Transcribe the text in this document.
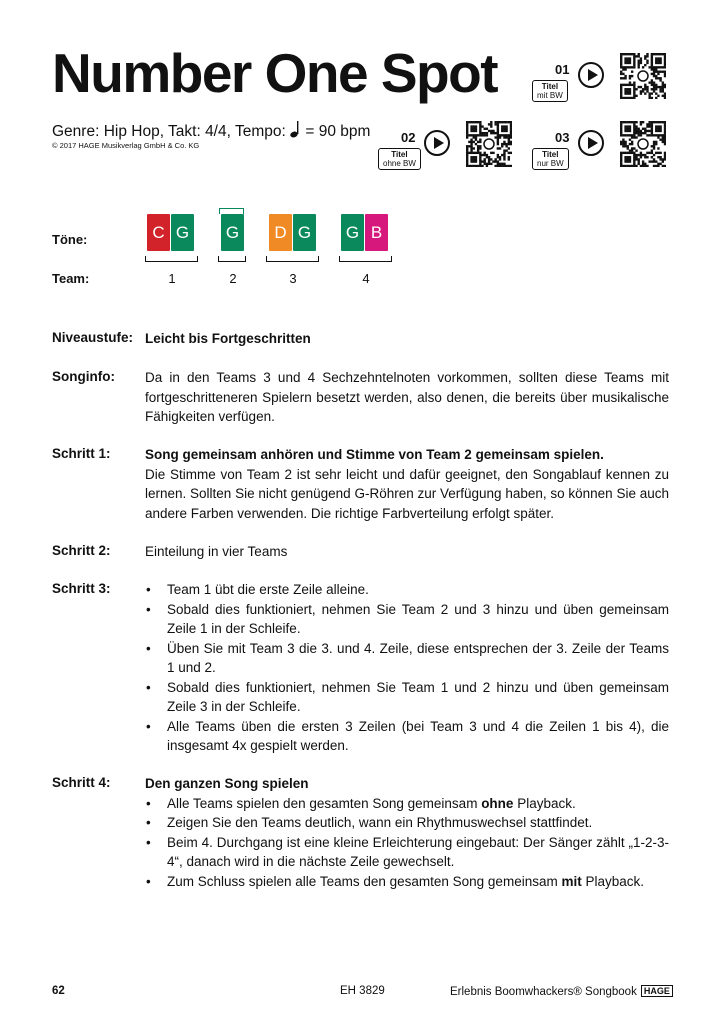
Number One Spot
Genre: Hip Hop, Takt: 4/4, Tempo: = 90 bpm
© 2017 HAGE Musikverlag GmbH & Co. KG
01
Titel
mit BW
02
Titel
ohne BW
03
Titel
nur BW
Töne:
Team:
C G G	D G G B
1	2	3	4
Niveaustufe: Leicht bis Fortgeschritten
Songinfo: Da in den Teams 3 und 4 Sechzehntelnoten vorkommen, sollten diese Teams mit fortgeschritteneren Spielern besetzt werden, also denen, die bereits über musikalische Fähigkeiten verfügen.
Schritt 1:	Song gemeinsam anhören und Stimme von Team 2 gemeinsam spielen.
Die Stimme von Team 2 ist sehr leicht und dafür geeignet, den Songablauf kennen zu lernen. Sollten Sie nicht genügend G-Röhren zur Verfügung haben, so können Sie auch andere Farben verwenden. Die richtige Farbverteilung erfolgt später.
Schritt 2:	Einteilung in vier Teams
Schritt 3:
•	Team 1 übt die erste Zeile alleine.
• Sobald dies funktioniert, nehmen Sie Team 2 und 3 hinzu und üben gemeinsam Zeile 1 in der Schleife.
• Üben Sie mit Team 3 die 3. und 4. Zeile, diese entsprechen der 3. Zeile der Teams 1 und 2.
• Sobald dies funktioniert, nehmen Sie Team 1 und 2 hinzu und üben gemeinsam Zeile 3 in der Schleife.
• Alle Teams üben die ersten 3 Zeilen (bei Team 3 und 4 die Zeilen 1 bis 4), die insgesamt 4x gespielt werden.
Schritt 4:	Den ganzen Song spielen
• Alle Teams spielen den gesamten Song gemeinsam ohne Playback.
• Zeigen Sie den Teams deutlich, wann ein Rhythmuswechsel stattfindet.
• Beim 4. Durchgang ist eine kleine Erleichterung eingebaut: Der Sänger zählt „1-2-3-4“, danach wird in die nächste Zeile gewechselt.
• Zum Schluss spielen alle Teams den gesamten Song gemeinsam mit Playback.
62	EH 3829	Erlebnis Boomwhackers® Songbook HAGE
